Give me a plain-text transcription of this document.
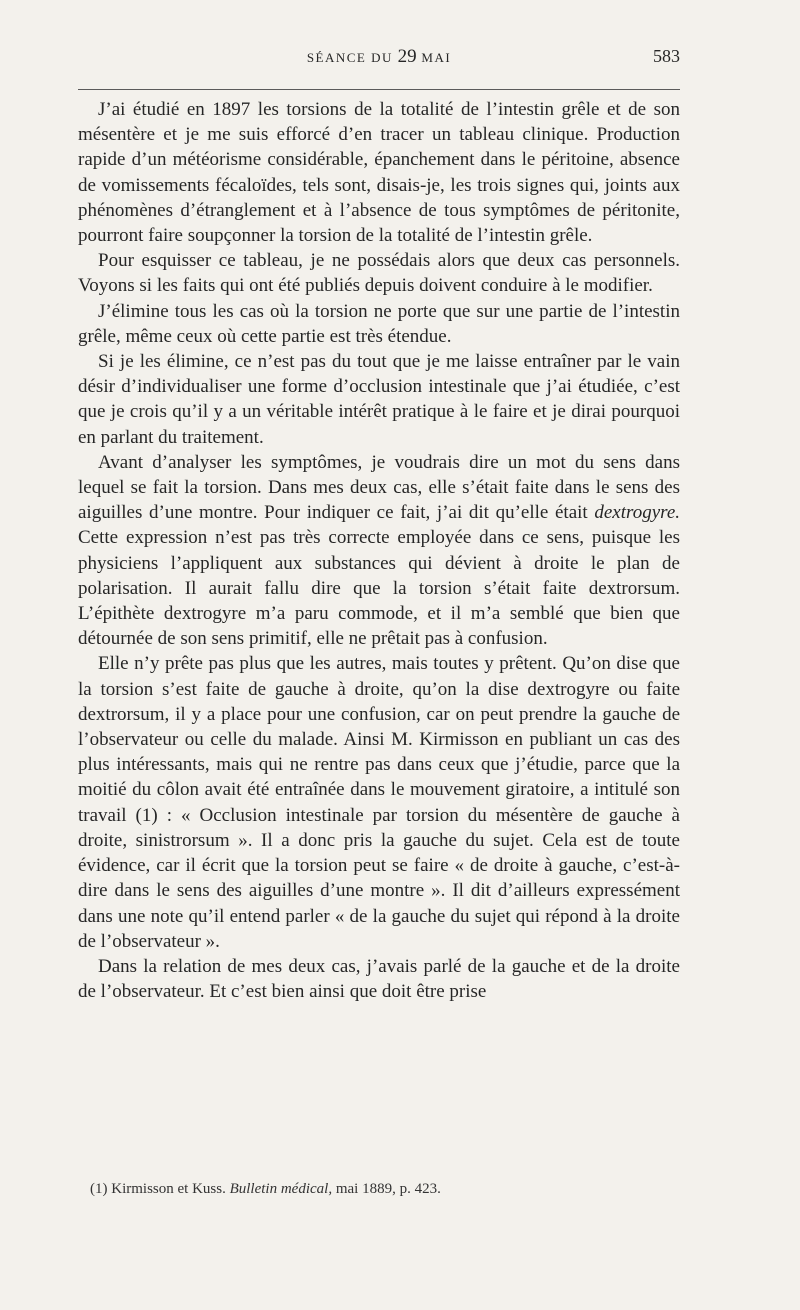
SÉANCE DU 29 MAI	583

J’ai étudié en 1897 les torsions de la totalité de l’intestin grêle et de son mésentère et je me suis efforcé d’en tracer un tableau clinique. Production rapide d’un météorisme considérable, épanchement dans le péritoine, absence de vomissements fécaloïdes, tels sont, disais-je, les trois signes qui, joints aux phénomènes d’étranglement et à l’absence de tous symptômes de péritonite, pourront faire soupçonner la torsion de la totalité de l’intestin grêle.

Pour esquisser ce tableau, je ne possédais alors que deux cas personnels. Voyons si les faits qui ont été publiés depuis doivent conduire à le modifier.

J’élimine tous les cas où la torsion ne porte que sur une partie de l’intestin grêle, même ceux où cette partie est très étendue.

Si je les élimine, ce n’est pas du tout que je me laisse entraîner par le vain désir d’individualiser une forme d’occlusion intestinale que j’ai étudiée, c’est que je crois qu’il y a un véritable intérêt pratique à le faire et je dirai pourquoi en parlant du traitement.

Avant d’analyser les symptômes, je voudrais dire un mot du sens dans lequel se fait la torsion. Dans mes deux cas, elle s’était faite dans le sens des aiguilles d’une montre. Pour indiquer ce fait, j’ai dit qu’elle était dextrogyre. Cette expression n’est pas très correcte employée dans ce sens, puisque les physiciens l’appliquent aux substances qui dévient à droite le plan de polarisation. Il aurait fallu dire que la torsion s’était faite dextrorsum. L’épithète dextrogyre m’a paru commode, et il m’a semblé que bien que détournée de son sens primitif, elle ne prêtait pas à confusion.

Elle n’y prête pas plus que les autres, mais toutes y prêtent. Qu’on dise que la torsion s’est faite de gauche à droite, qu’on la dise dextrogyre ou faite dextrorsum, il y a place pour une confusion, car on peut prendre la gauche de l’observateur ou celle du malade. Ainsi M. Kirmisson en publiant un cas des plus intéressants, mais qui ne rentre pas dans ceux que j’étudie, parce que la moitié du côlon avait été entraînée dans le mouvement giratoire, a intitulé son travail (1) : « Occlusion intestinale par torsion du mésentère de gauche à droite, sinistrorsum ». Il a donc pris la gauche du sujet. Cela est de toute évidence, car il écrit que la torsion peut se faire « de droite à gauche, c’est-à-dire dans le sens des aiguilles d’une montre ». Il dit d’ailleurs expressément dans une note qu’il entend parler « de la gauche du sujet qui répond à la droite de l’observateur ».

Dans la relation de mes deux cas, j’avais parlé de la gauche et de la droite de l’observateur. Et c’est bien ainsi que doit être prise

(1) Kirmisson et Kuss. Bulletin médical, mai 1889, p. 423.
